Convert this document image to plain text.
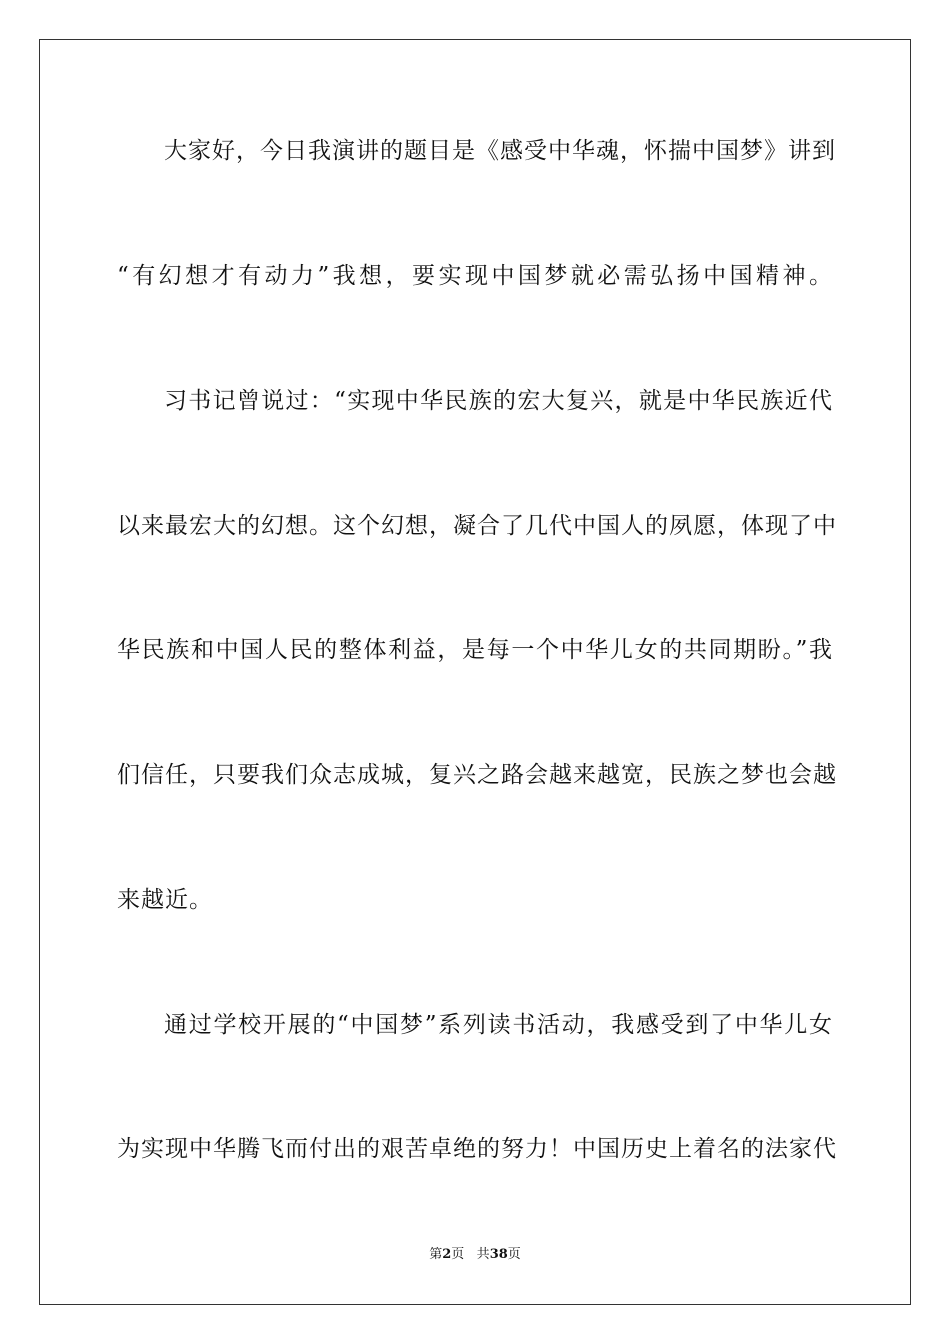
大家好，今日我演讲的题目是《感受中华魂，怀揣中国梦》讲到
“有幻想才有动力”我想，要实现中国梦就必需弘扬中国精神。
习书记曾说过：“实现中华民族的宏大复兴，就是中华民族近代
以来最宏大的幻想。这个幻想，凝合了几代中国人的夙愿，体现了中
华民族和中国人民的整体利益，是每一个中华儿女的共同期盼。”我
们信任，只要我们众志成城，复兴之路会越来越宽，民族之梦也会越
来越近。
通过学校开展的“中国梦”系列读书活动，我感受到了中华儿女
为实现中华腾飞而付出的艰苦卓绝的努力！中国历史上着名的法家代
第2页 共38页
